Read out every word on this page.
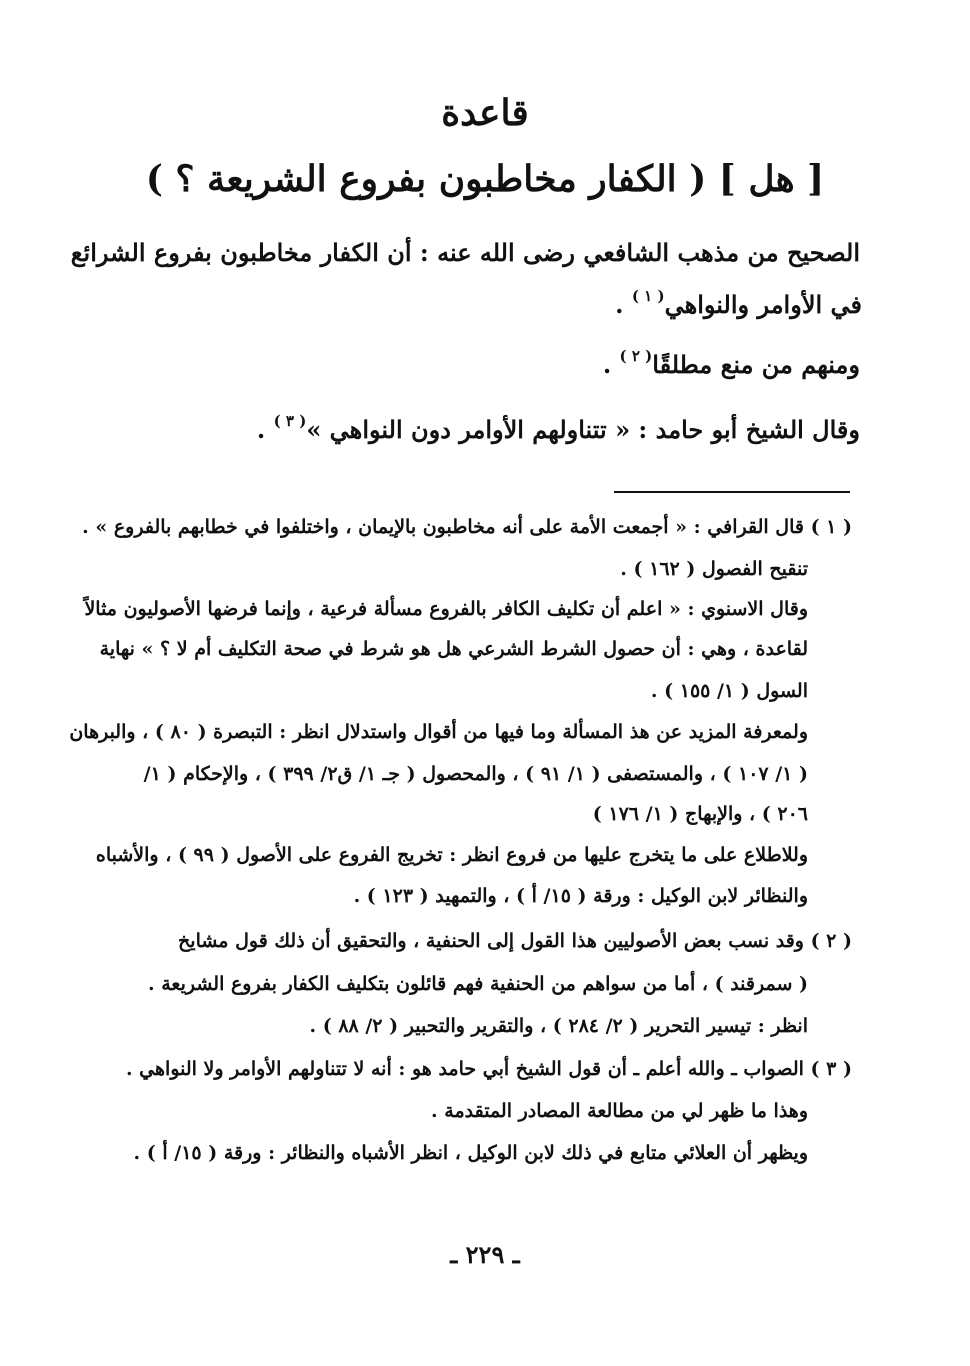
قاعدة
[ هل ] ( الكفار مخاطبون بفروع الشريعة ؟ )
الصحيح من مذهب الشافعي رضى الله عنه : أن الكفار مخاطبون بفروع الشرائع
في الأوامر والنواهي$^{( ١ )}$ .
ومنهم من منع مطلقًا$^{( ٢ )}$ .
وقال الشيخ أبو حامد : « تتناولهم الأوامر دون النواهي »$^{( ٣ )}$ .
( ١ ) قال القرافي : « أجمعت الأمة على أنه مخاطبون بالإيمان ، واختلفوا في خطابهم بالفروع » .
تنقيح الفصول ( ١٦٢ ) .
وقال الاسنوي : « اعلم أن تكليف الكافر بالفروع مسألة فرعية ، وإنما فرضها الأصوليون مثالاً
لقاعدة ، وهي : أن حصول الشرط الشرعي هل هو شرط في صحة التكليف أم لا ؟ » نهاية
السول ( ١/ ١٥٥ ) .
ولمعرفة المزيد عن هذ المسألة وما فيها من أقوال واستدلال انظر : التبصرة ( ٨٠ ) ، والبرهان
( ١/ ١٠٧ ) ، والمستصفى ( ١/ ٩١ ) ، والمحصول ( جـ ١/ ق٢/ ٣٩٩ ) ، والإحكام ( ١/
٢٠٦ ) ، والإبهاج ( ١/ ١٧٦ )
وللاطلاع على ما يتخرج عليها من فروع انظر : تخريج الفروع على الأصول ( ٩٩ ) ، والأشباه
والنظائر لابن الوكيل : ورقة ( ١٥/ أ ) ، والتمهيد ( ١٢٣ ) .
( ٢ ) وقد نسب بعض الأصوليين هذا القول إلى الحنفية ، والتحقيق أن ذلك قول مشايخ
( سمرقند ) ، أما من سواهم من الحنفية فهم قائلون بتكليف الكفار بفروع الشريعة .
انظر : تيسير التحرير ( ٢/ ٢٨٤ ) ، والتقرير والتحبير ( ٢/ ٨٨ ) .
( ٣ ) الصواب ـ والله أعلم ـ أن قول الشيخ أبي حامد هو : أنه لا تتناولهم الأوامر ولا النواهي .
وهذا ما ظهر لي من مطالعة المصادر المتقدمة .
ويظهر أن العلائي متابع في ذلك لابن الوكيل ، انظر الأشباه والنظائر : ورقة ( ١٥/ أ ) .
ـ ٢٢٩ ـ
